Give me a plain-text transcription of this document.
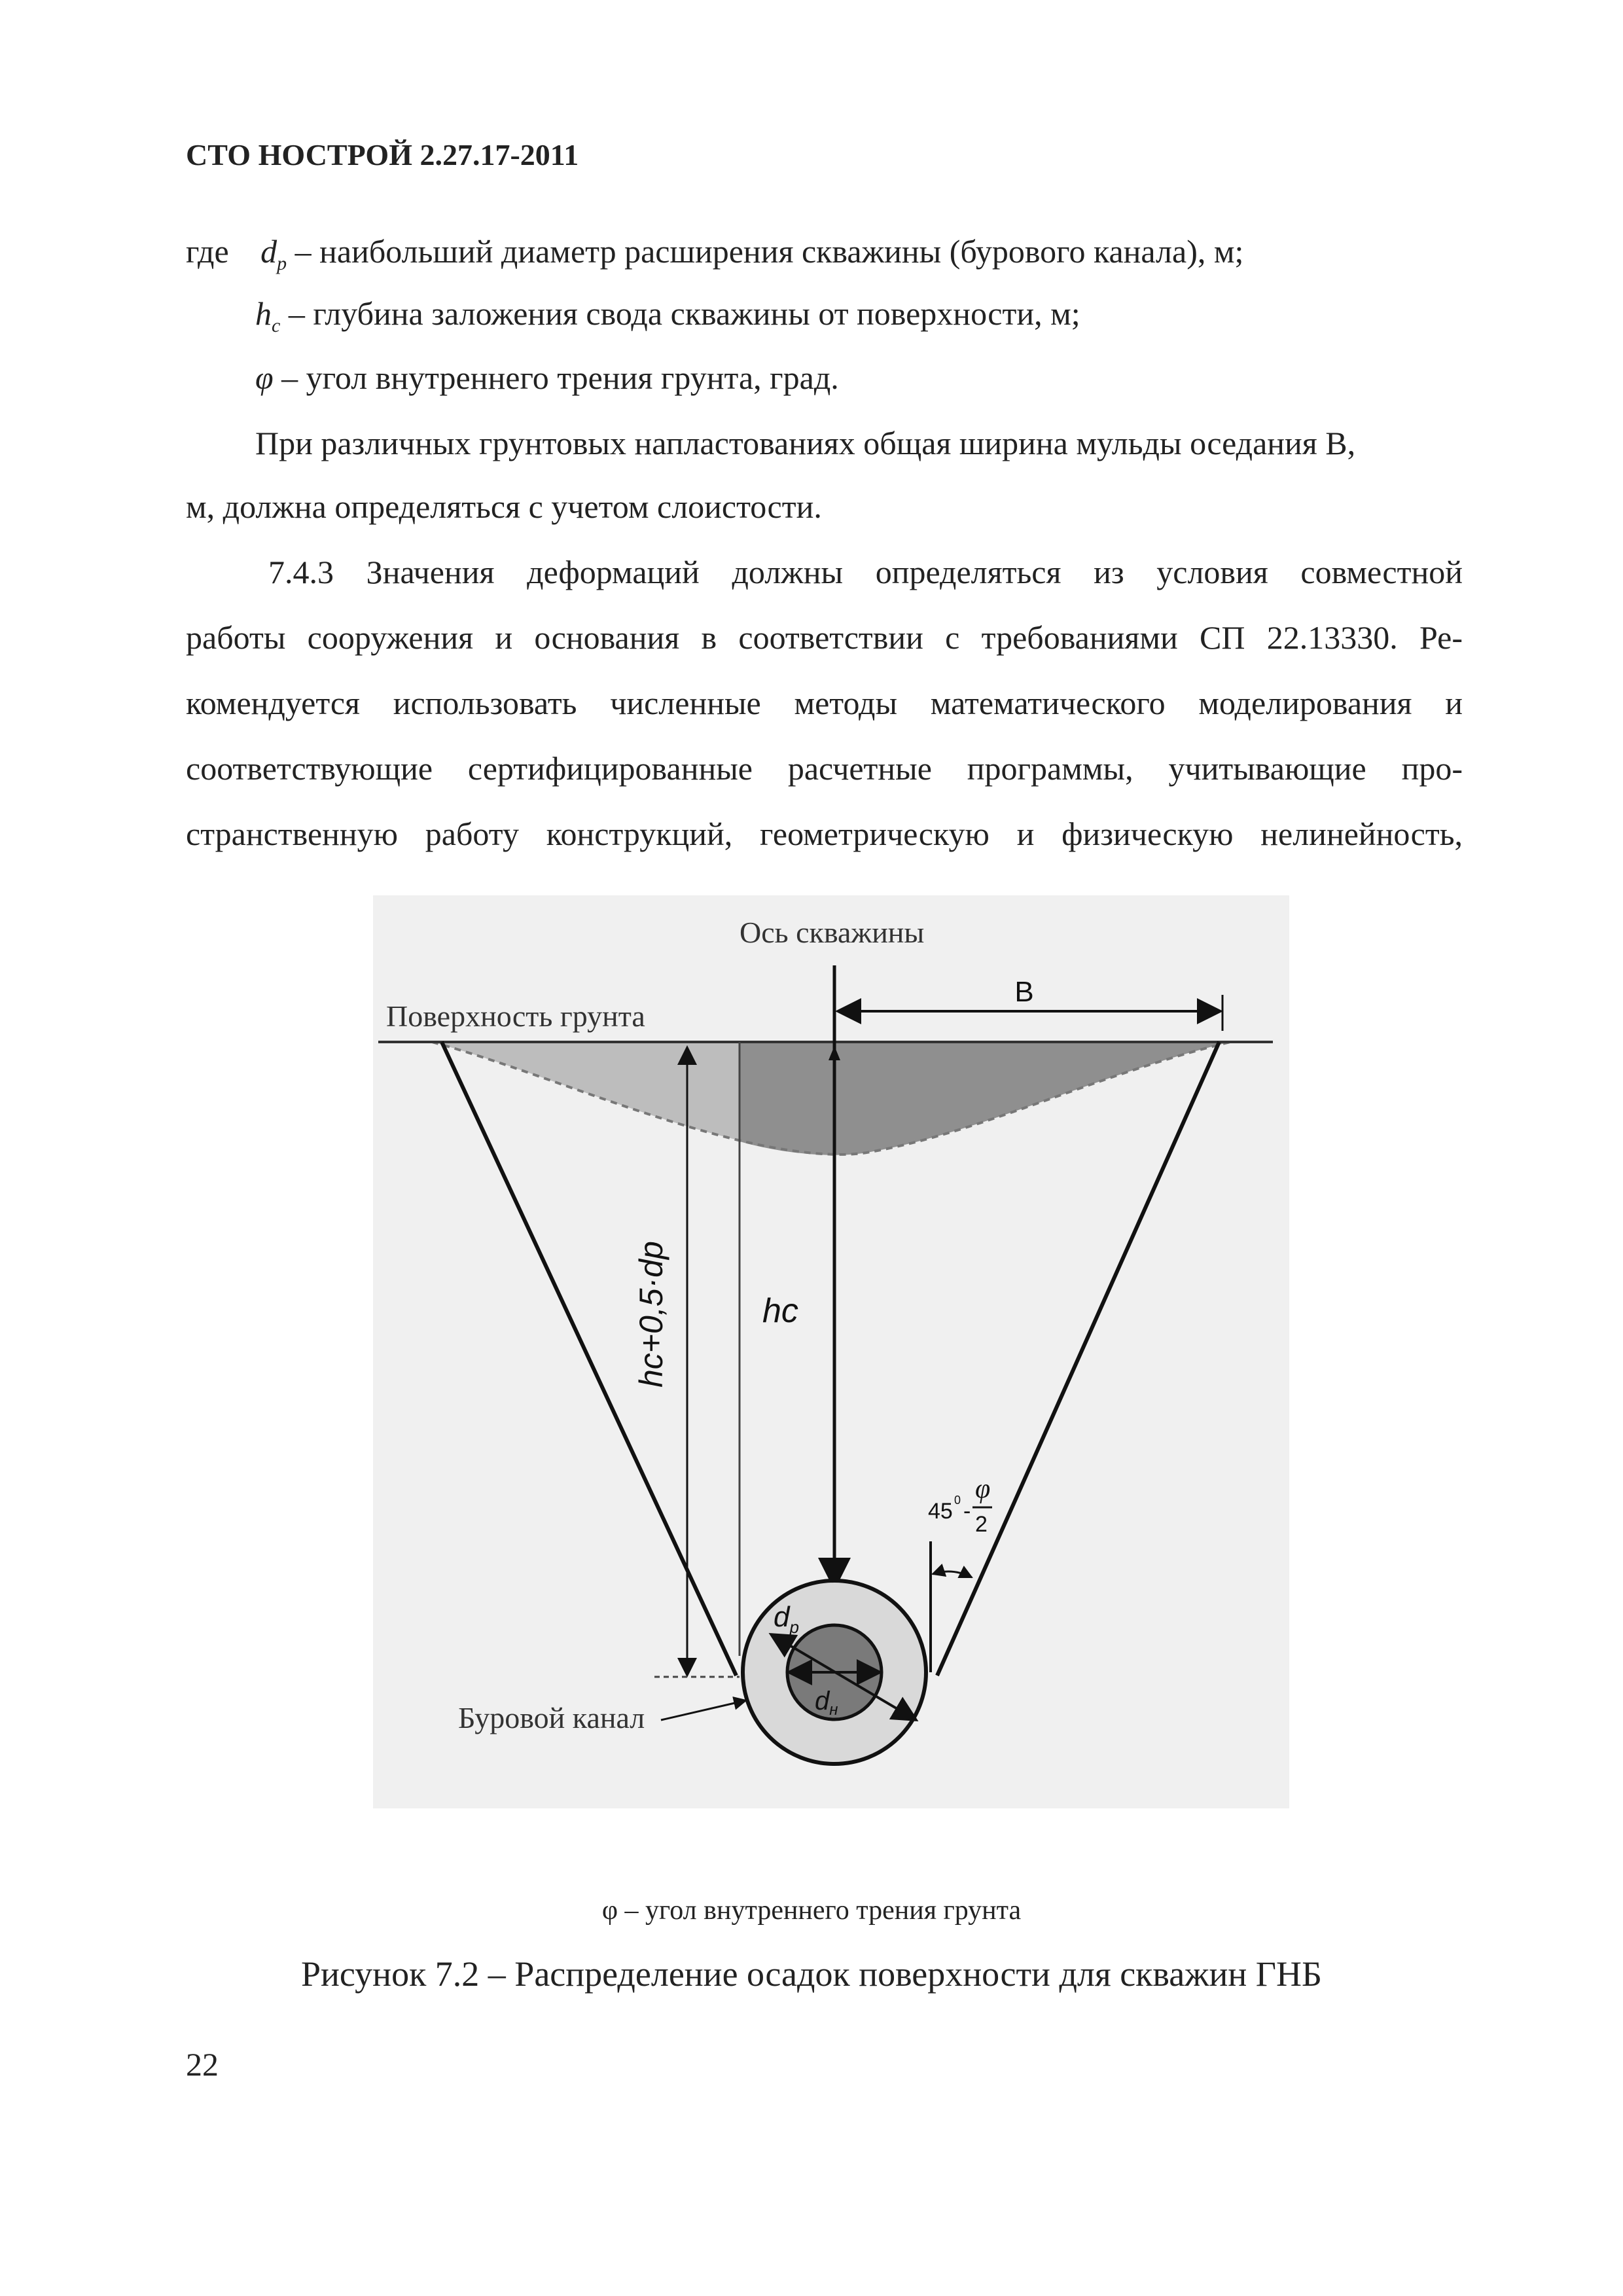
СТО НОСТРОЙ 2.27.17-2011
где $d_p$ – наибольший диаметр расширения скважины (бурового канала), м;
$h_c$ – глубина заложения свода скважины от поверхности, м;
φ – угол внутреннего трения грунта, град.
При различных грунтовых напластованиях общая ширина мульды оседания В,
м, должна определяться с учетом слоистости.
7.4.3 Значения деформаций должны определяться из условия совместной
работы сооружения и основания в соответствии с требованиями СП 22.13330. Ре-
комендуется использовать численные методы математического моделирования и
соответствующие сертифицированные расчетные программы, учитывающие про-
странственную работу конструкций, геометрическую и физическую нелинейность,
B
hc+0,5·dp	hc
45 0 -
φ
2
$d_p$
$d_н$
Ось скважины
Поверхность грунта
Буровой канал
φ – угол внутреннего трения грунта
Рисунок 7.2 – Распределение осадок поверхности для скважин ГНБ
22
